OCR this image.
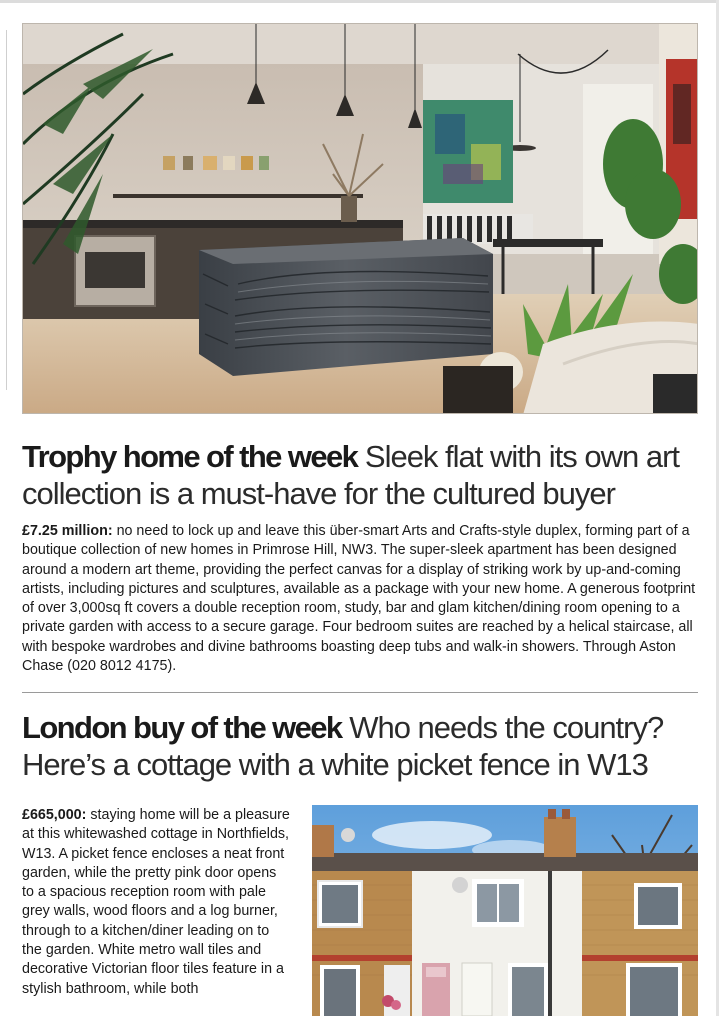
Trophy home of the week Sleek flat with its own art collection is a must-have for the cultured buyer

£7.25 million: no need to lock up and leave this über-smart Arts and Crafts-style duplex, forming part of a boutique collection of new homes in Primrose Hill, NW3. The super-sleek apartment has been designed around a modern art theme, providing the perfect canvas for a display of striking work by up-and-coming artists, including pictures and sculptures, available as a package with your new home. A generous footprint of over 3,000sq ft covers a double reception room, study, bar and glam kitchen/dining room opening to a private garden with access to a secure garage. Four bedroom suites are reached by a helical staircase, all with bespoke wardrobes and divine bathrooms boasting deep tubs and walk-in showers. Through Aston Chase (020 8012 4175).

London buy of the week Who needs the country? Here’s a cottage with a white picket fence in W13

£665,000: staying home will be a pleasure at this whitewashed cottage in Northfields, W13. A picket fence encloses a neat front garden, while the pretty pink door opens to a spacious reception room with pale grey walls, wood floors and a log burner, through to a kitchen/diner leading on to the garden. White metro wall tiles and decorative Victorian floor tiles feature in a stylish bathroom, while both
